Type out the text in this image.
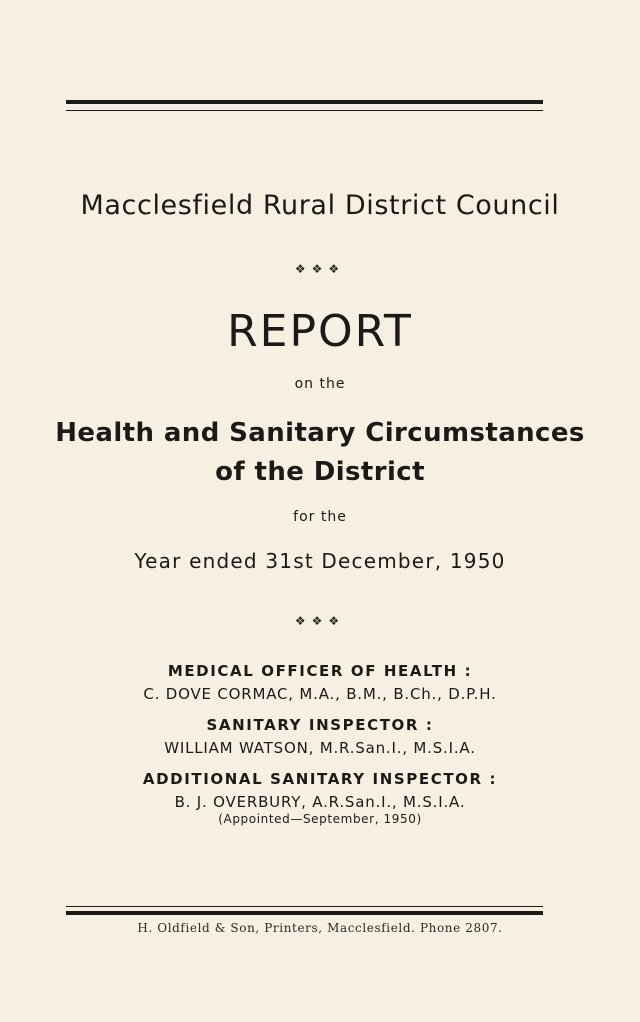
Macclesfield Rural District Council
❖❖❖
REPORT
on the
Health and Sanitary Circumstances
of the District
for the
Year ended 31st December, 1950
❖❖❖
MEDICAL OFFICER OF HEALTH :
C. DOVE CORMAC, M.A., B.M., B.Ch., D.P.H.
SANITARY INSPECTOR :
WILLIAM WATSON, M.R.San.I., M.S.I.A.
ADDITIONAL SANITARY INSPECTOR :
B. J. OVERBURY, A.R.San.I., M.S.I.A.
(Appointed—September, 1950)
H. Oldfield & Son, Printers, Macclesfield. Phone 2807.
